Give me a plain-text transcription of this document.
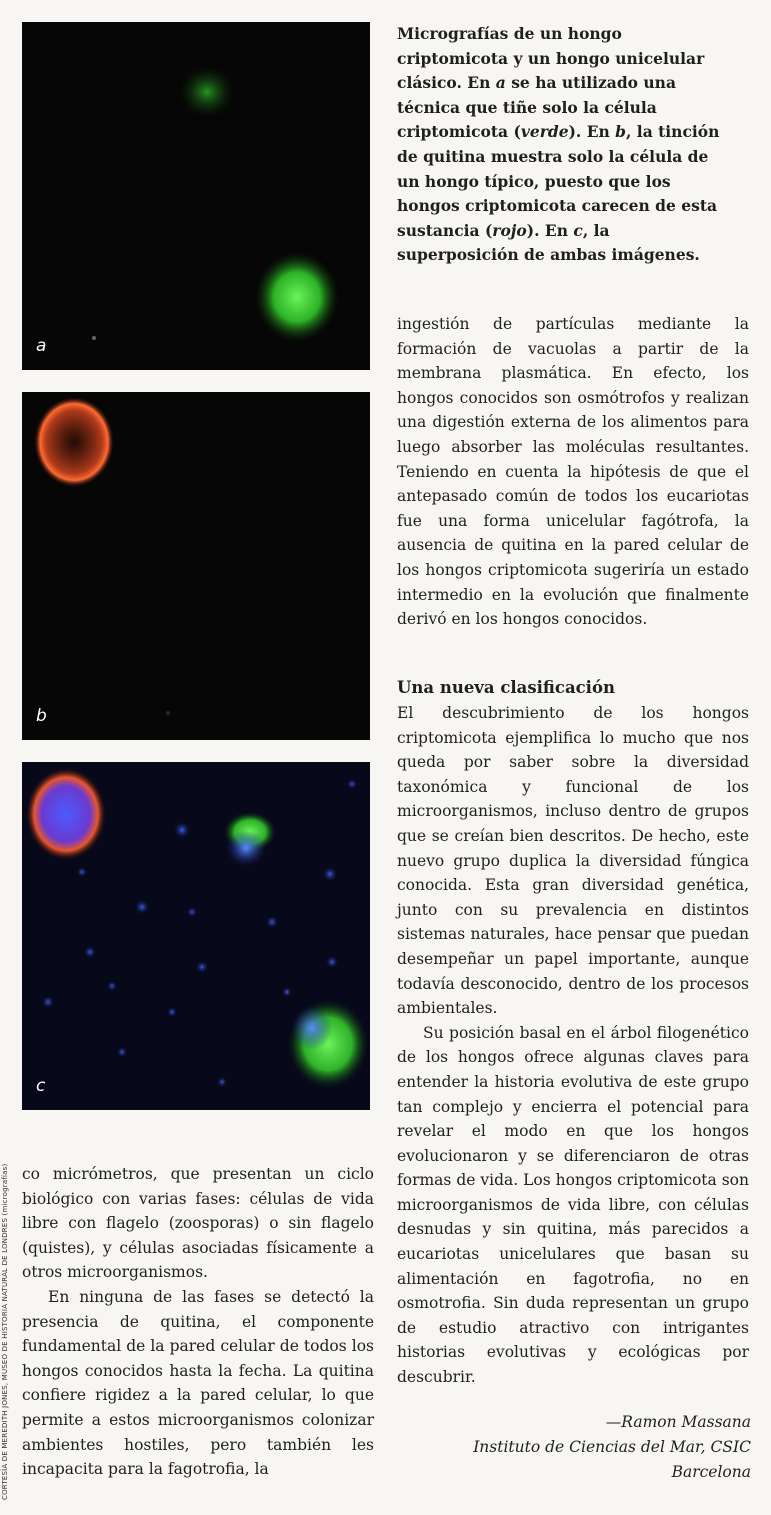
CORTESÍA DE MEREDITH JONES, MUSEO DE HISTORIA NATURAL DE LONDRES (micrografías)
a
b
c

Micrografías de un hongo criptomicota y un hongo unicelular clásico. En a se ha utilizado una técnica que tiñe solo la célula criptomicota (verde). En b, la tinción de quitina muestra solo la célula de un hongo típico, puesto que los hongos criptomicota carecen de esta sustancia (rojo). En c, la superposición de ambas imágenes.

co micrómetros, que presentan un ciclo biológico con varias fases: células de vida libre con flagelo (zoosporas) o sin flagelo (quistes), y células asociadas físicamente a otros microorganismos.

En ninguna de las fases se detectó la presencia de quitina, el componente fundamental de la pared celular de todos los hongos conocidos hasta la fecha. La quitina confiere rigidez a la pared celular, lo que permite a estos microorganismos colonizar ambientes hostiles, pero también les incapacita para la fagotrofia, la

ingestión de partículas mediante la formación de vacuolas a partir de la membrana plasmática. En efecto, los hongos conocidos son osmótrofos y realizan una digestión externa de los alimentos para luego absorber las moléculas resultantes. Teniendo en cuenta la hipótesis de que el antepasado común de todos los eucariotas fue una forma unicelular fagótrofa, la ausencia de quitina en la pared celular de los hongos criptomicota sugeriría un estado intermedio en la evolución que finalmente derivó en los hongos conocidos.

Una nueva clasificación

El descubrimiento de los hongos criptomicota ejemplifica lo mucho que nos queda por saber sobre la diversidad taxonómica y funcional de los microorganismos, incluso dentro de grupos que se creían bien descritos. De hecho, este nuevo grupo duplica la diversidad fúngica conocida. Esta gran diversidad genética, junto con su prevalencia en distintos sistemas naturales, hace pensar que puedan desempeñar un papel importante, aunque todavía desconocido, dentro de los procesos ambientales.

Su posición basal en el árbol filogenético de los hongos ofrece algunas claves para entender la historia evolutiva de este grupo tan complejo y encierra el potencial para revelar el modo en que los hongos evolucionaron y se diferenciaron de otras formas de vida. Los hongos criptomicota son microorganismos de vida libre, con células desnudas y sin quitina, más parecidos a eucariotas unicelulares que basan su alimentación en fagotrofia, no en osmotrofia. Sin duda representan un grupo de estudio atractivo con intrigantes historias evolutivas y ecológicas por descubrir.

—Ramon Massana
Instituto de Ciencias del Mar, CSIC
Barcelona
